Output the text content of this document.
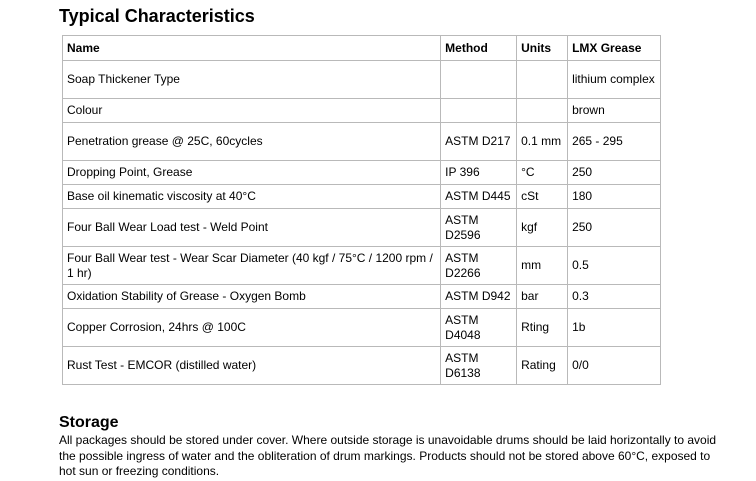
Typical Characteristics
Name	Method	Units	LMX Grease
Soap Thickener Type			lithium complex
Colour			brown
Penetration grease @ 25C, 60cycles	ASTM D217	0.1 mm	265 - 295
Dropping Point, Grease	IP 396	°C	250
Base oil kinematic viscosity at 40°C	ASTM D445	cSt	180
Four Ball Wear Load test - Weld Point	ASTM D2596	kgf	250
Four Ball Wear test - Wear Scar Diameter (40 kgf / 75°C / 1200 rpm / 1 hr)	ASTM D2266	mm	0.5
Oxidation Stability of Grease - Oxygen Bomb	ASTM D942	bar	0.3
Copper Corrosion, 24hrs @ 100C	ASTM D4048	Rting	1b
Rust Test - EMCOR (distilled water)	ASTM D6138	Rating	0/0
Storage

All packages should be stored under cover. Where outside storage is unavoidable drums should be laid horizontally to avoid the possible ingress of water and the obliteration of drum markings. Products should not be stored above 60°C, exposed to hot sun or freezing conditions.
